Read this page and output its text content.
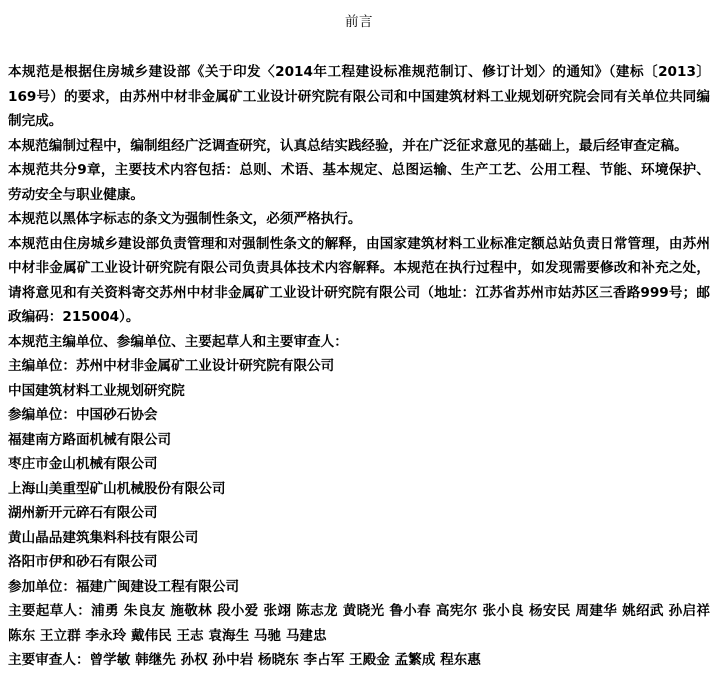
前言

本规范是根据住房城乡建设部《关于印发〈2014年工程建设标准规范制订、修订计划〉的通知》（建标〔2013〕169号）的要求，由苏州中材非金属矿工业设计研究院有限公司和中国建筑材料工业规划研究院会同有关单位共同编制完成。

本规范编制过程中，编制组经广泛调查研究，认真总结实践经验，并在广泛征求意见的基础上，最后经审查定稿。

本规范共分9章，主要技术内容包括：总则、术语、基本规定、总图运输、生产工艺、公用工程、节能、环境保护、劳动安全与职业健康。

本规范以黑体字标志的条文为强制性条文，必须严格执行。

本规范由住房城乡建设部负责管理和对强制性条文的解释，由国家建筑材料工业标准定额总站负责日常管理，由苏州中材非金属矿工业设计研究院有限公司负责具体技术内容解释。本规范在执行过程中，如发现需要修改和补充之处，请将意见和有关资料寄交苏州中材非金属矿工业设计研究院有限公司（地址：江苏省苏州市姑苏区三香路999号；邮政编码：215004）。

本规范主编单位、参编单位、主要起草人和主要审查人：

主编单位：苏州中材非金属矿工业设计研究院有限公司

中国建筑材料工业规划研究院

参编单位：中国砂石协会

福建南方路面机械有限公司

枣庄市金山机械有限公司

上海山美重型矿山机械股份有限公司

湖州新开元碎石有限公司

黄山晶品建筑集料科技有限公司

洛阳市伊和砂石有限公司

参加单位：福建广闽建设工程有限公司

主要起草人：浦勇 朱良友 施敬林 段小爱 张翊 陈志龙 黄晓光 鲁小春 高宪尔 张小良 杨安民 周建华 姚绍武 孙启祥 陈东 王立群 李永玲 戴伟民 王志 袁海生 马驰 马建忠

主要审查人：曾学敏 韩继先 孙权 孙中岩 杨晓东 李占军 王殿金 孟繁成 程东惠
